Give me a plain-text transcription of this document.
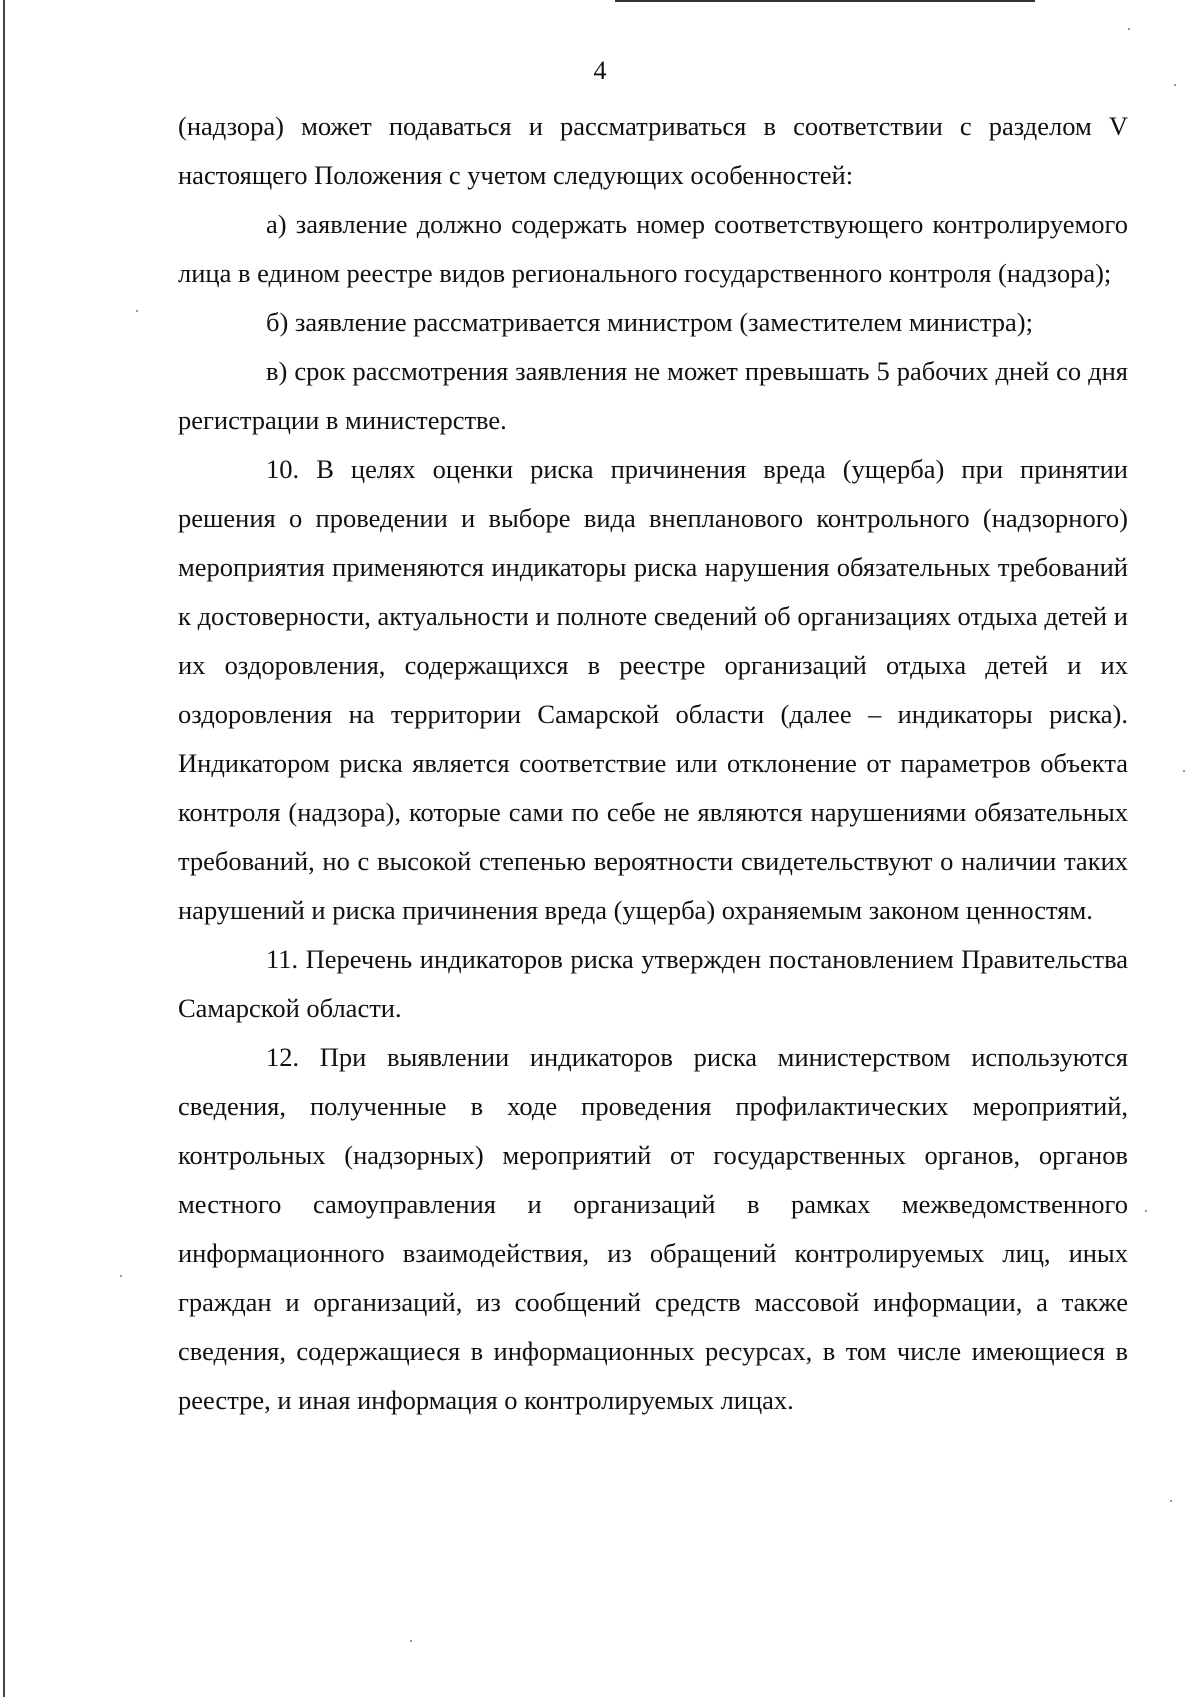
4

(надзора) может подаваться и рассматриваться в соответствии с разделом V настоящего Положения с учетом следующих особенностей:

а) заявление должно содержать номер соответствующего контролируемого лица в едином реестре видов регионального государственного контроля (надзора);

б) заявление рассматривается министром (заместителем министра);

в) срок рассмотрения заявления не может превышать 5 рабочих дней со дня регистрации в министерстве.

10. В целях оценки риска причинения вреда (ущерба) при принятии решения о проведении и выборе вида внепланового контрольного (надзорного) мероприятия применяются индикаторы риска нарушения обязательных требований к достоверности, актуальности и полноте сведений об организациях отдыха детей и их оздоровления, содержащихся в реестре организаций отдыха детей и их оздоровления на территории Самарской области (далее – индикаторы риска). Индикатором риска является соответствие или отклонение от параметров объекта контроля (надзора), которые сами по себе не являются нарушениями обязательных требований, но с высокой степенью вероятности свидетельствуют о наличии таких нарушений и риска причинения вреда (ущерба) охраняемым законом ценностям.

11. Перечень индикаторов риска утвержден постановлением Правительства Самарской области.

12. При выявлении индикаторов риска министерством используются сведения, полученные в ходе проведения профилактических мероприятий, контрольных (надзорных) мероприятий от государственных органов, органов местного самоуправления и организаций в рамках межведомственного информационного взаимодействия, из обращений контролируемых лиц, иных граждан и организаций, из сообщений средств массовой информации, а также сведения, содержащиеся в информационных ресурсах, в том числе имеющиеся в реестре, и иная информация о контролируемых лицах.
